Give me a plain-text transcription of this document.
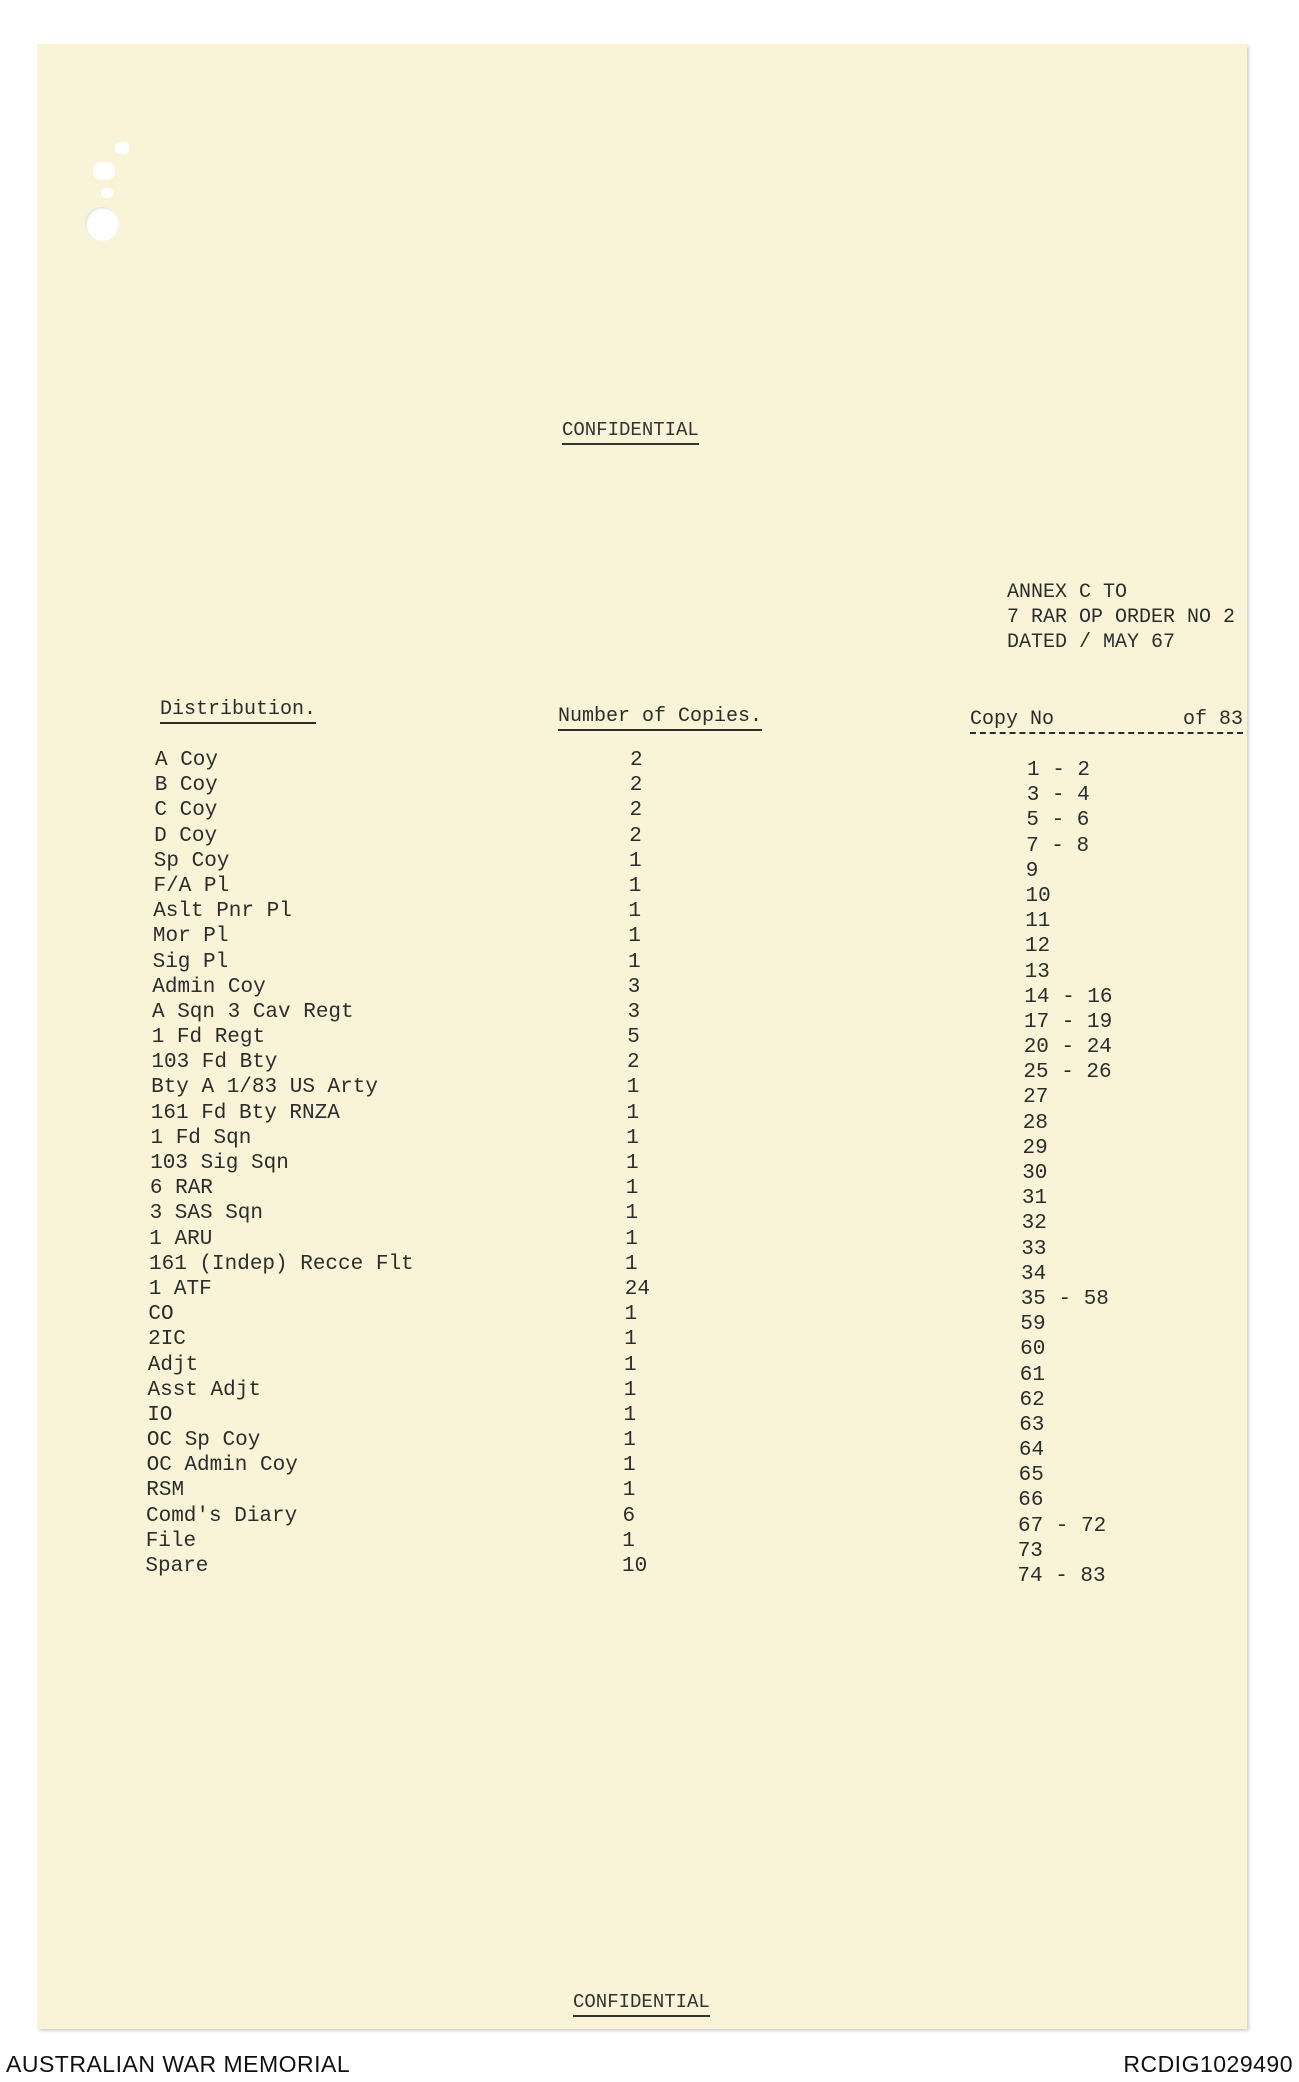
CONFIDENTIAL
ANNEX C TO
7 RAR OP ORDER NO 2
DATED / MAY 67
Distribution.	Number of Copies.	Copy No	of 83
A Coy	2	1 - 2
B Coy	2	3 - 4
C Coy	2	5 - 6
D Coy	2	7 - 8
Sp Coy	1	9
F/A Pl	1	10
Aslt Pnr Pl	1	11
Mor Pl	1	12
Sig Pl	1	13
Admin Coy	3	14 - 16
A Sqn 3 Cav Regt	3	17 - 19
1 Fd Regt	5	20 - 24
103 Fd Bty	2	25 - 26
Bty A 1/83 US Arty	1	27
161 Fd Bty RNZA	1	28
1 Fd Sqn	1	29
103 Sig Sqn	1	30
6 RAR	1	31
3 SAS Sqn	1	32
1 ARU	1	33
161 (Indep) Recce Flt	1	34
1 ATF	24	35 - 58
CO	1	59
2IC	1	60
Adjt	1	61
Asst Adjt	1	62
IO	1	63
OC Sp Coy	1	64
OC Admin Coy	1	65
RSM	1	66
Comd's Diary	6	67 - 72
File	1	73
Spare	10	74 - 83
CONFIDENTIAL
AUSTRALIAN WAR MEMORIAL	RCDIG1029490
